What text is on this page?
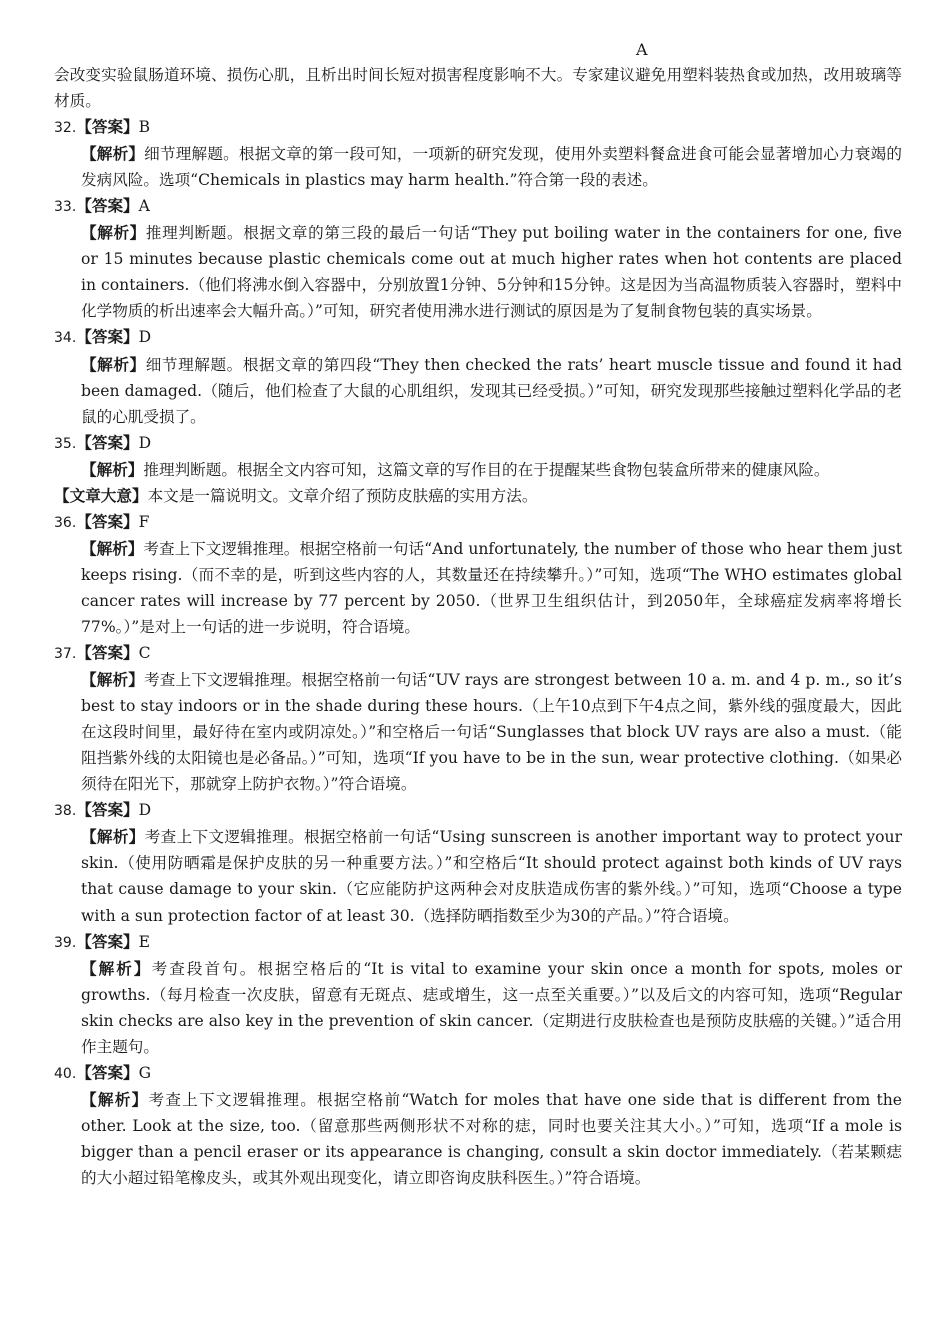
A

会改变实验鼠肠道环境、损伤心肌，且析出时间长短对损害程度影响不大。专家建议避免用塑料装热食或加热，改用玻璃等材质。

32.【答案】B

【解析】细节理解题。根据文章的第一段可知，一项新的研究发现，使用外卖塑料餐盒进食可能会显著增加心力衰竭的发病风险。选项“Chemicals in plastics may harm health.”符合第一段的表述。

33.【答案】A

【解析】推理判断题。根据文章的第三段的最后一句话“They put boiling water in the containers for one, five or 15 minutes because plastic chemicals come out at much higher rates when hot contents are placed in containers.（他们将沸水倒入容器中，分别放置1分钟、5分钟和15分钟。这是因为当高温物质装入容器时，塑料中化学物质的析出速率会大幅升高。）”可知，研究者使用沸水进行测试的原因是为了复制食物包装的真实场景。

34.【答案】D

【解析】细节理解题。根据文章的第四段“They then checked the rats’ heart muscle tissue and found it had been damaged.（随后，他们检查了大鼠的心肌组织，发现其已经受损。）”可知，研究发现那些接触过塑料化学品的老鼠的心肌受损了。

35.【答案】D

【解析】推理判断题。根据全文内容可知，这篇文章的写作目的在于提醒某些食物包装盒所带来的健康风险。

【文章大意】本文是一篇说明文。文章介绍了预防皮肤癌的实用方法。

36.【答案】F

【解析】考查上下文逻辑推理。根据空格前一句话“And unfortunately, the number of those who hear them just keeps rising.（而不幸的是，听到这些内容的人，其数量还在持续攀升。）”可知，选项“The WHO estimates global cancer rates will increase by 77 percent by 2050.（世界卫生组织估计，到2050年，全球癌症发病率将增长77%。）”是对上一句话的进一步说明，符合语境。

37.【答案】C

【解析】考查上下文逻辑推理。根据空格前一句话“UV rays are strongest between 10 a. m. and 4 p. m., so it’s best to stay indoors or in the shade during these hours.（上午10点到下午4点之间，紫外线的强度最大，因此在这段时间里，最好待在室内或阴凉处。）”和空格后一句话“Sunglasses that block UV rays are also a must.（能阻挡紫外线的太阳镜也是必备品。）”可知，选项“If you have to be in the sun, wear protective clothing.（如果必须待在阳光下，那就穿上防护衣物。）”符合语境。

38.【答案】D

【解析】考查上下文逻辑推理。根据空格前一句话“Using sunscreen is another important way to protect your skin.（使用防晒霜是保护皮肤的另一种重要方法。）”和空格后“It should protect against both kinds of UV rays that cause damage to your skin.（它应能防护这两种会对皮肤造成伤害的紫外线。）”可知，选项“Choose a type with a sun protection factor of at least 30.（选择防晒指数至少为30的产品。）”符合语境。

39.【答案】E

【解析】考查段首句。根据空格后的“It is vital to examine your skin once a month for spots, moles or growths.（每月检查一次皮肤，留意有无斑点、痣或增生，这一点至关重要。）”以及后文的内容可知，选项“Regular skin checks are also key in the prevention of skin cancer.（定期进行皮肤检查也是预防皮肤癌的关键。）”适合用作主题句。

40.【答案】G

【解析】考查上下文逻辑推理。根据空格前“Watch for moles that have one side that is different from the other. Look at the size, too.（留意那些两侧形状不对称的痣，同时也要关注其大小。）”可知，选项“If a mole is bigger than a pencil eraser or its appearance is changing, consult a skin doctor immediately.（若某颗痣的大小超过铅笔橡皮头，或其外观出现变化，请立即咨询皮肤科医生。）”符合语境。
